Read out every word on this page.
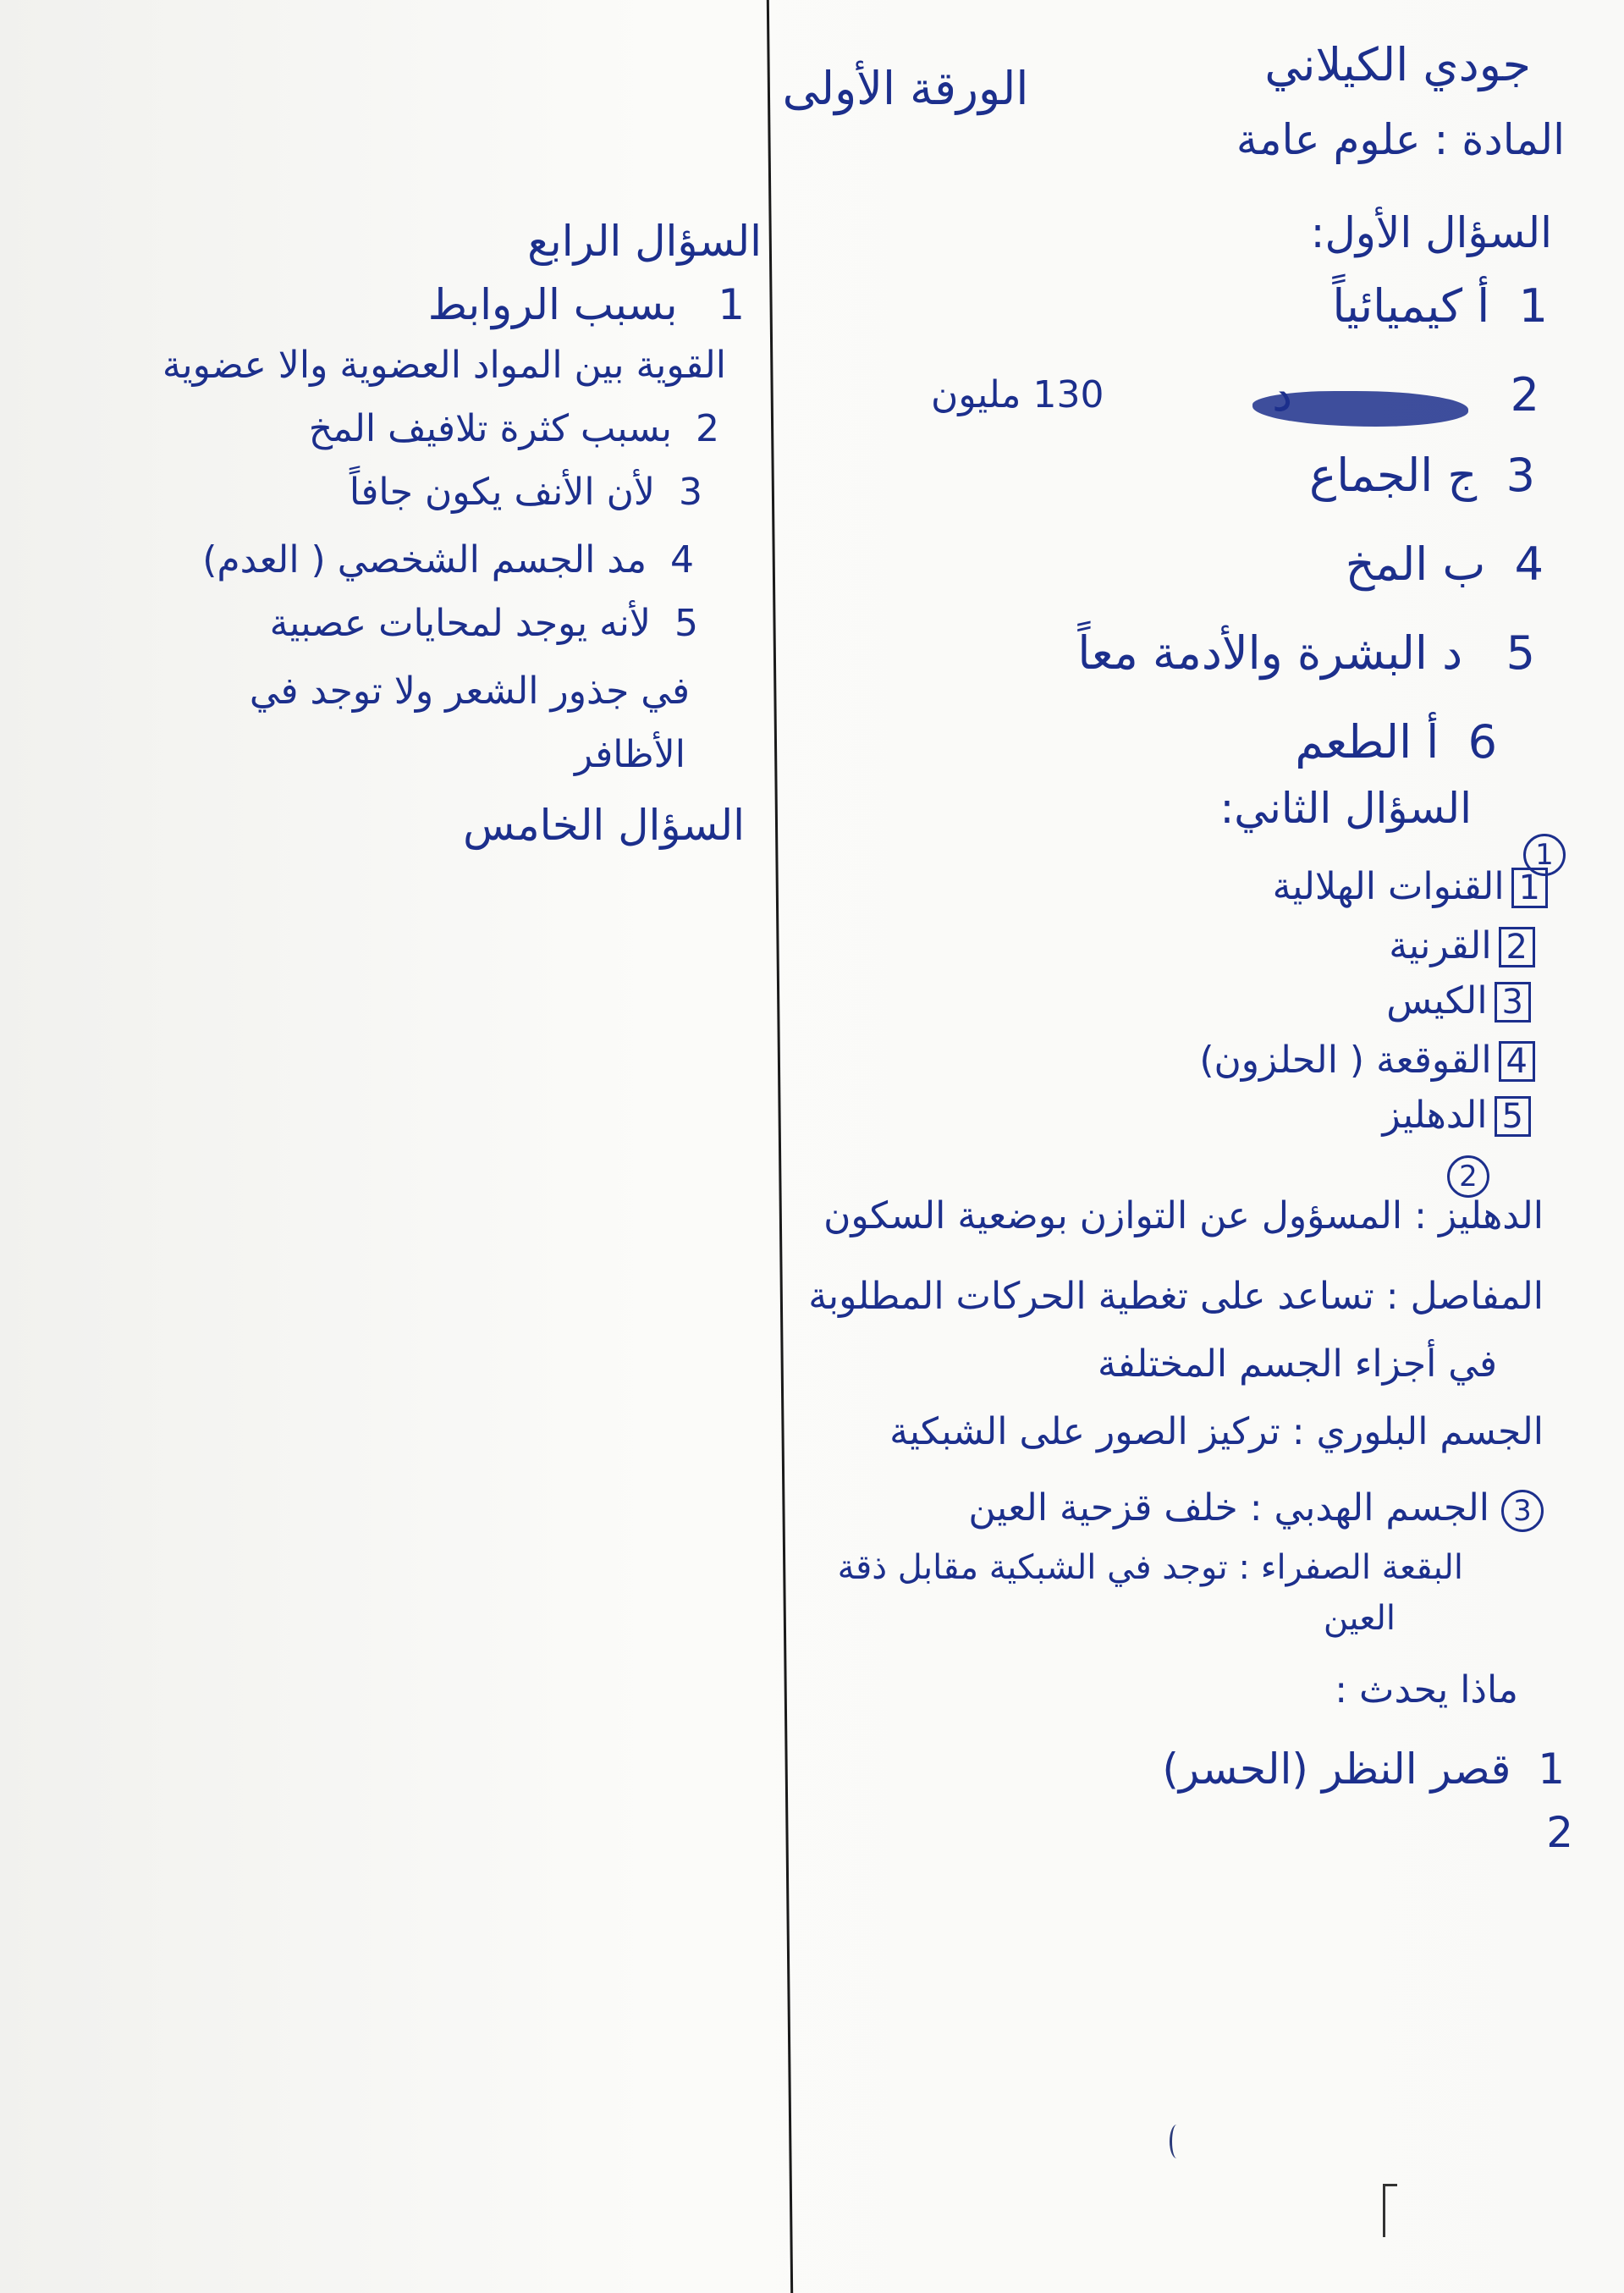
الورقة الأولى	جودي الكيلاني
المادة : علوم عامة
السؤال الأول:
1  أ كيميائياً
2
130 مليون
3  ج الجماع
4  ب المخ
5   د البشرة والأدمة معاً
6  أ الطعم
السؤال الثاني:
1
1القنوات الهلالية
2القرنية
3الكيس
4القوقعة ( الحلزون)
5الدهليز
2
الدهليز : المسؤول عن التوازن بوضعية السكون
المفاصل : تساعد على تغطية الحركات المطلوبة
في أجزاء الجسم المختلفة
الجسم البلوري : تركيز الصور على الشبكية
3 الجسم الهدبي : خلف قزحية العين
البقعة الصفراء : توجد في الشبكية مقابل ذقة
العين
ماذا يحدث :
1  قصر النظر (الحسر)
2
السؤال الرابع
1   بسبب الروابط
القوية بين المواد العضوية والا عضوية
2  بسبب كثرة تلافيف المخ
3  لأن الأنف يكون جافاً
4  مد الجسم الشخصي ( العدم)
5  لأنه يوجد لمحايات عصبية
في جذور الشعر ولا توجد في
الأظافر
السؤال الخامس
